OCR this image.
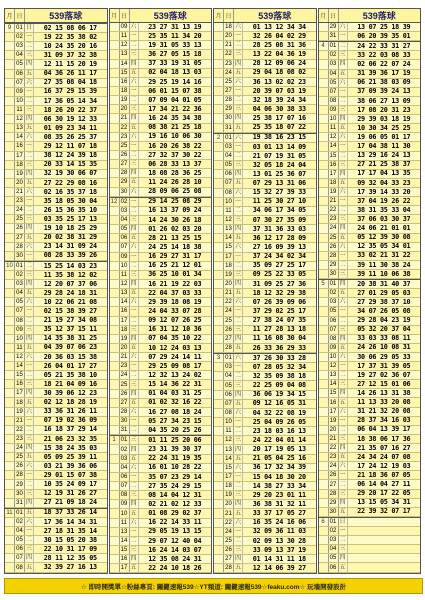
月 日	539落球
9 01 日	02 15 08 06 17
02 一	19 22 35 38 02
03 二	10 24 35 20 16
04 三	31 09 37 32 38
05 四	12 11 15 20 19
06 五	04 36 26 11 17
07 六	27 35 08 04 18
09 一	16 37 29 15 39
10 二	17 36 05 14 34
11 三	18 26 20 22 37
12 四	06 30 19 12 33
13 五	01 09 23 34 11
14 六	08 35 26 25 37
16 一	29 12 11 07 18
17 二	38 12 24 39 18
18 三	20 33 14 15 35
19 四	32 19 30 06 07
20 五	27 22 29 08 16
21 六	02 16 35 37 18
23 一	35 18 05 30 04
24 二	26 15 36 35 10
25 三	03 35 25 17 13
26 四	19 10 18 25 29
27 五	20 02 38 31 29
28 六	23 14 31 09 24
30 一	08 28 33 39 26
10 01 二	15 25 14 03 23
02 三	11 35 38 12 02
03 四	12 20 07 37 06
04 五	29 28 24 18 31
05 六	10 22 06 21 08
07 一	02 15 38 39 27
08 二	21 19 27 34 08
09 三	35 12 37 15 11
10 四	14 35 38 31 25
11 五	04 39 07 06 23
12 六	20 36 03 15 38
14 一	26 04 01 17 27
15 二	05 21 35 38 10
16 三	18 21 04 09 16
17 四	30 39 06 12 23
18 五	02 12 18 28 19
19 六	33 36 31 26 11
21 一	07 19 02 36 09
22 二	16 18 37 29 14
23 三	21 06 23 32 35
24 四	15 38 24 35 03
25 五	05 09 25 39 11
26 六	03 21 39 36 06
28 一	29 01 15 07 38
29 二	10 35 24 09 17
30 三	12 19 31 26 27
31 四	27 21 09 18 24
11 01 五	18 37 33 26 14
02 六	17 36 14 34 31
04 一	27 18 31 35 14
05 二	30 15 05 20 38
06 三	22 10 31 17 09
07 四	28 11 12 35 05
08 五	32 39 27 16 13
月 日	539落球
09 六	23 27 31 13 19
11 一	25 35 11 34 20
12 二	19 31 05 33 13
13 三	36 27 05 15 18
14 四	37 33 19 31 05
15 五	02 04 18 13 03
16 六	29 25 19 14 16
18 一	06 01 15 07 38
19 二	07 09 04 01 05
20 三	17 34 21 22 36
21 四	16 24 35 34 38
22 五	08 38 21 25 18
23 六	19 16 10 06 30
25 一	16 20 26 38 22
26 二	27 32 37 30 22
27 三	06 28 33 13 37
28 四	18 08 28 36 25
29 五	11 24 26 28 10
30 六	28 09 06 25 08
12 02 一	29 14 25 08 29
03 二	16 13 37 09 24
04 三	14 24 30 26 18
05 四	01 26 02 03 20
06 五	28 21 13 25 15
07 六	24 25 14 18 38
09 一	16 29 27 31 17
10 二	16 25 21 12 01
11 三	36 25 10 01 34
12 四	16 21 19 22 03
13 五	22 04 37 03 33
14 六	29 39 18 08 19
16 一	24 04 33 07 28
17 二	09 12 07 26 25
18 三	16 31 12 10 36
19 四	07 04 35 10 22
20 五	10 12 24 03 13
21 六	07 29 24 14 11
23 一	29 25 09 08 17
24 二	12 32 13 24 02
25 三	15 14 36 22 31
26 四	01 04 03 31 25
27 五	01 02 32 16 22
28 六	16 27 08 18 24
30 一	05 27 34 23 15
31 二	04 35 20 25 26
1 01 三	01 11 25 20 06
02 四	23 31 39 30 37
03 五	22 24 31 19 35
04 六	16 01 10 28 22
06 一	35 07 23 29 14
07 二	27 35 24 29 15
08 三	08 14 04 12 31
09 四	02 21 02 12 33
10 五	01 08 29 02 37
11 六	16 22 14 33 11
13 一	29 05 19 13 15
14 二	29 07 12 40 04
15 三	16 24 14 03 07
16 四	12 35 08 24 31
17 五	22 24 10 18 26
月 日	539落球
18 六	01 13 12 34 34
20 一	32 26 04 02 29
21 二	28 25 08 31 36
22 三	13 22 04 36 19
23 四	28 12 09 06 24
24 五	29 04 18 08 02
25 六	36 13 02 02 23
27 一	20 39 07 03 19
28 二	32 18 39 24 34
29 三	04 06 30 38 33
30 四	25 38 17 07 16
31 五	25 35 18 07 22
2 01 六	19 38 16 23 15
03 一	03 01 13 14 09
04 二	21 07 19 31 05
05 三	32 05 18 24 04
06 四	13 01 25 36 07
07 五	07 29 13 31 06
08 六	15 32 27 39 33
10 一	11 25 30 27 10
11 二	34 06 17 34 05
12 三	07 30 27 35 09
13 四	37 31 36 33 03
14 五	36 12 17 28 09
15 六	27 16 09 39 13
17 一	37 24 34 02 34
18 二	35 09 27 25 17
19 三	09 25 22 33 05
20 四	31 09 25 27 36
21 五	18 12 32 29 38
22 六	07 26 39 09 06
24 一	37 29 02 25 17
25 二	27 38 24 07 35
26 三	11 27 28 13 18
27 四	11 16 08 30 04
28 五	26 33 36 29 33
3 01 六	37 26 30 33 28
03 一	07 28 05 32 34
04 二	32 35 09 38 18
05 三	22 25 09 04 08
06 四	36 06 19 34 15
07 五	09 12 16 05 31
08 六	04 32 22 08 19
10 一	25 04 09 26 05
11 二	23 18 03 16 13
12 三	24 22 04 01 14
13 四	20 17 19 05 13
14 五	21 05 04 25 16
15 六	36 17 32 34 39
17 一	15 04 18 30 20
18 二	14 38 27 33 34
19 三	29 20 23 01 11
20 四	36 38 31 32 11
21 五	33 37 17 05 27
22 六	16 35 24 16 06
24 一	32 09 36 11 03
25 二	02 09 13 30 28
26 三	33 09 13 37 19
27 四	01 14 31 11 18
28 五	12 14 06 39 27
月 日	539落球
29 六	13 07 25 18 39
31 一	06 20 39 35 01
4 01 二	24 22 33 31 27
02 三	33 22 03 08 33
03 四	02 06 22 07 24
04 五	31 39 36 17 19
05 六	06 21 38 03 09
07 一	37 09 39 24 13
08 二	38 06 27 13 09
09 三	17 08 20 31 23
10 四	29 39 03 18 19
11 五	10 30 34 25 25
12 六	19 06 05 01 17
14 一	17 04 38 11 30
15 二	13 29 16 24 13
16 三	27 21 25 38 37
17 四	17 17 04 13 35
18 五	09 32 04 33 23
19 六	17 39 14 33 20
21 一	37 04 19 26 22
22 二	38 31 35 33 04
23 三	37 06 03 30 37
24 四	24 06 21 01 01
25 五	05 12 39 30 08
26 六	12 35 05 34 01
28 一	33 02 21 31 22
29 二	39 11 30 38 24
30 三	39 11 10 06 38
5 01 四	20 38 31 40 37
02 五	27 01 29 05 03
03 六	27 29 38 37 10
05 一	34 07 26 05 08
06 二	29 28 04 23 19
07 三	05 32 20 37 04
08 四	33 03 33 08 11
09 五	24 26 10 08 31
10 六	30 06 29 05 33
12 一	17 37 31 39 05
13 二	19 27 02 36 07
14 三	27 12 15 01 06
15 四	14 26 13 31 38
16 五	11 13 33 20 08
17 六	31 21 32 20 08
19 一	28 37 34 16 03
20 二	06 04 13 39 17
21 三	18 38 06 17 36
22 四	21 35 07 16 27
23 五	24 34 24 07 08
24 六	17 24 12 19 03
26 一	21 18 36 07 05
27 二	06 14 04 27 11
28 三	29 20 17 22 05
29 四	13 15 05 34 31
30 五	22 39 32 07 17
6 01 日
02 一
03 二
04 三
05 四
06 五
☆ 即時開獎單☆粉絲專頁: 關鍵速報539☆YT頻道: 關鍵速報539☆feaku.com☆ 玩墙開發設計
